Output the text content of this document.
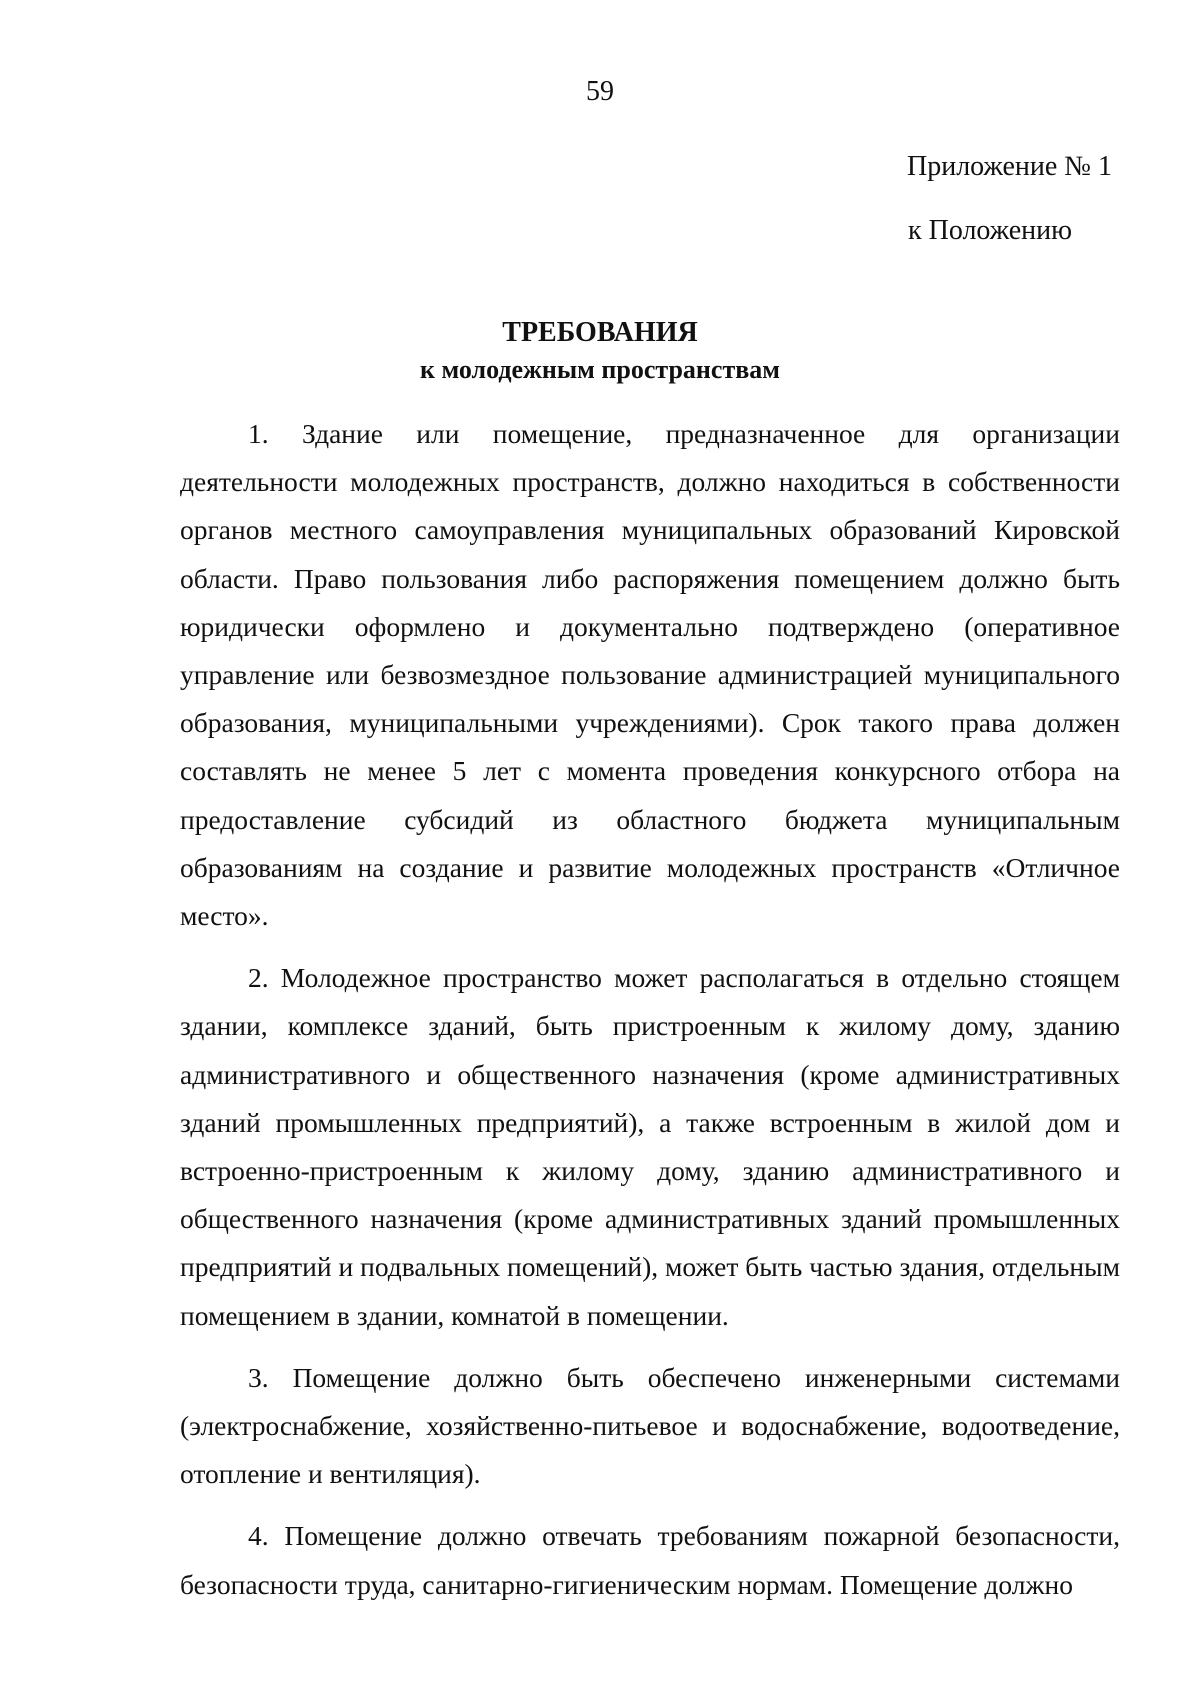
59
Приложение № 1
к Положению
ТРЕБОВАНИЯ
к молодежным пространствам

1. Здание или помещение, предназначенное для организации деятельности молодежных пространств, должно находиться в собственности органов местного самоуправления муниципальных образований Кировской области. Право пользования либо распоряжения помещением должно быть юридически оформлено и документально подтверждено (оперативное управление или безвозмездное пользование администрацией муниципального образования, муниципальными учреждениями). Срок такого права должен составлять не менее 5 лет с момента проведения конкурсного отбора на предоставление субсидий из областного бюджета муниципальным образованиям на создание и развитие молодежных пространств «Отличное место».

2. Молодежное пространство может располагаться в отдельно стоящем здании, комплексе зданий, быть пристроенным к жилому дому, зданию административного и общественного назначения (кроме административных зданий промышленных предприятий), а также встроенным в жилой дом и встроенно-пристроенным к жилому дому, зданию административного и общественного назначения (кроме административных зданий промышленных предприятий и подвальных помещений), может быть частью здания, отдельным помещением в здании, комнатой в помещении.

3. Помещение должно быть обеспечено инженерными системами (электроснабжение, хозяйственно-питьевое и водоснабжение, водоотведение, отопление и вентиляция).

4. Помещение должно отвечать требованиям пожарной безопасности, безопасности труда, санитарно-гигиеническим нормам. Помещение должно
